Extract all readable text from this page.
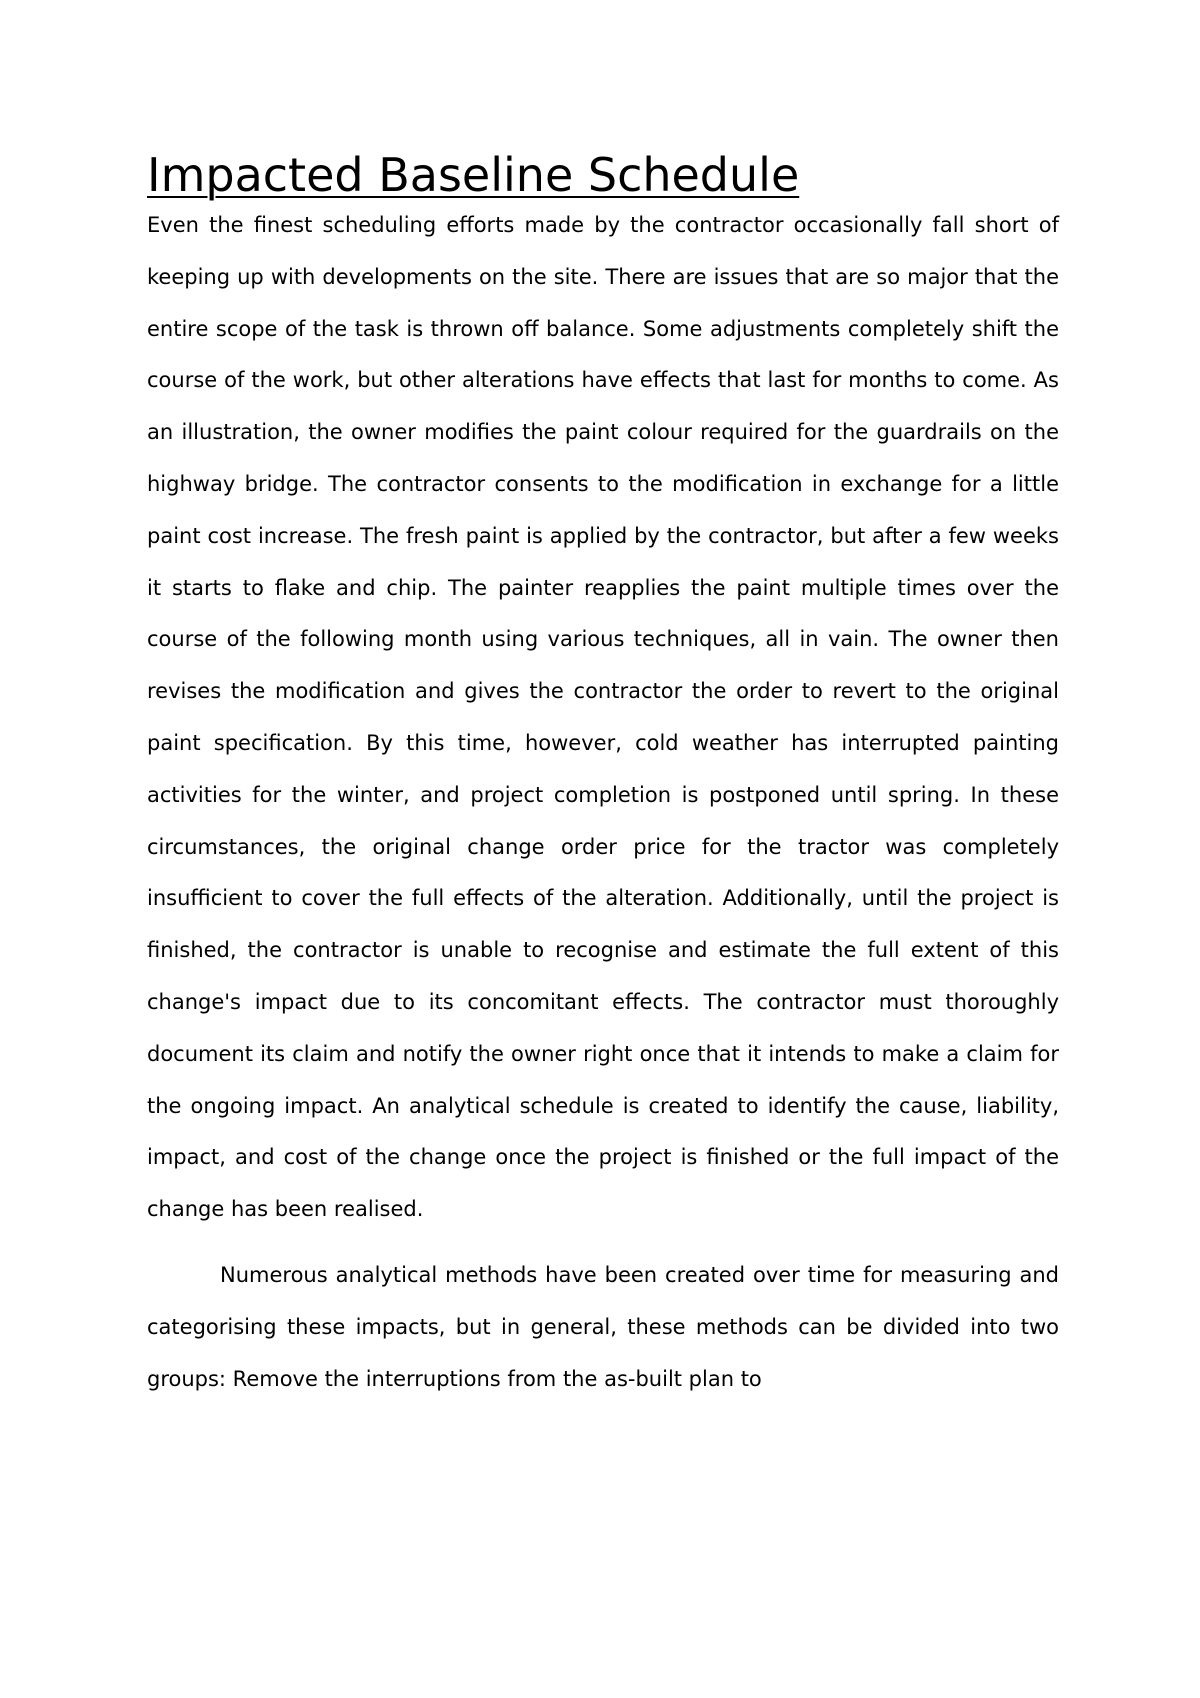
Impacted Baseline Schedule

Even the finest scheduling efforts made by the contractor occasionally fall short of keeping up with developments on the site. There are issues that are so major that the entire scope of the task is thrown off balance. Some adjustments completely shift the course of the work, but other alterations have effects that last for months to come. As an illustration, the owner modifies the paint colour required for the guardrails on the highway bridge. The contractor consents to the modification in exchange for a little paint cost increase. The fresh paint is applied by the contractor, but after a few weeks it starts to flake and chip. The painter reapplies the paint multiple times over the course of the following month using various techniques, all in vain. The owner then revises the modification and gives the contractor the order to revert to the original paint specification. By this time, however, cold weather has interrupted painting activities for the winter, and project completion is postponed until spring. In these circumstances, the original change order price for the tractor was completely insufficient to cover the full effects of the alteration. Additionally, until the project is finished, the contractor is unable to recognise and estimate the full extent of this change's impact due to its concomitant effects. The contractor must thoroughly document its claim and notify the owner right once that it intends to make a claim for the ongoing impact. An analytical schedule is created to identify the cause, liability, impact, and cost of the change once the project is finished or the full impact of the change has been realised.

Numerous analytical methods have been created over time for measuring and categorising these impacts, but in general, these methods can be divided into two groups: Remove the interruptions from the as-built plan to
